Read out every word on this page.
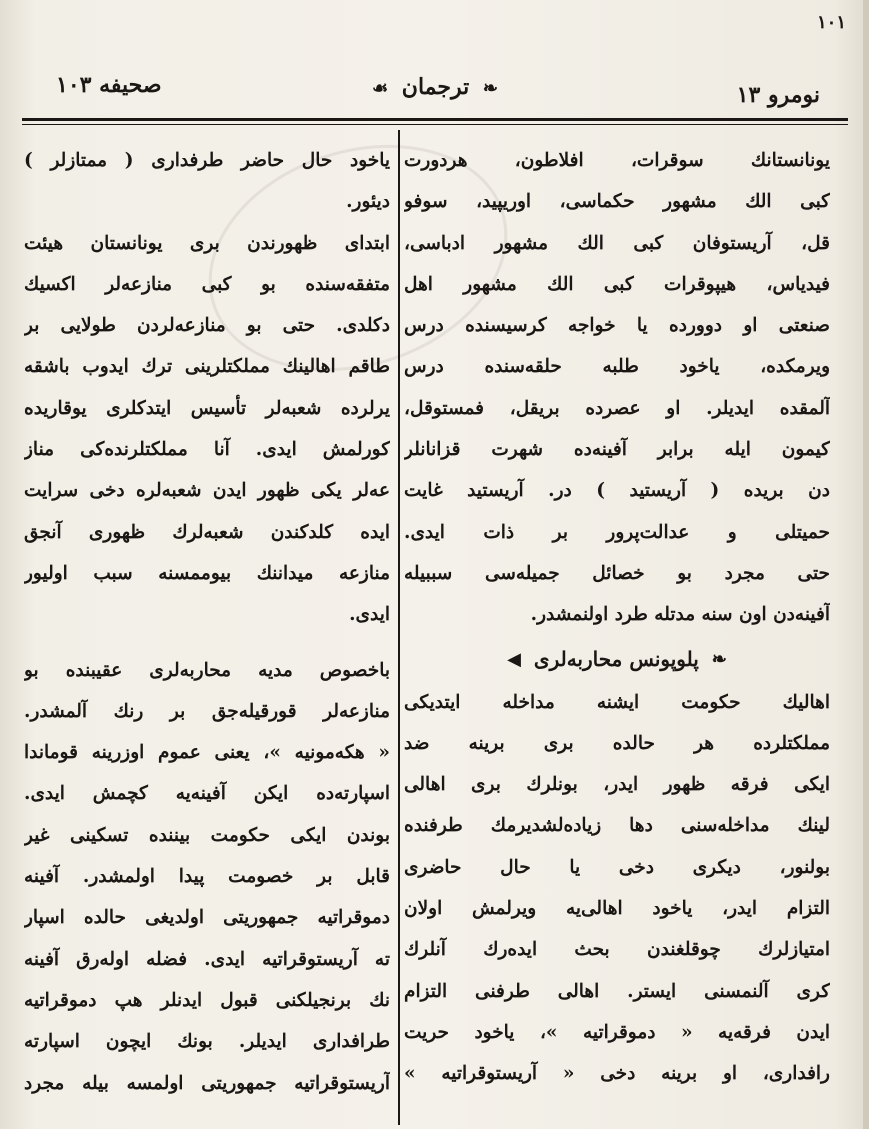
۱۰۱
صحیفه ۱۰۳	❧ ترجمان ☙	نومرو ۱۳
یونانستانك سوقرات، افلاطون، هردورت
كبی الك مشهور حكماسی، اوریپید، سوفو
قل، آریستوفان كبی الك مشهور ادباسی،
فیدیاس، هیپوقرات كبی الك مشهور اهل
صنعتی او دوورده یا خواجه كرسیسنده درس
ویرمكده، یاخود طلبه حلقه‌سنده درس
آلمقده ایدیلر. او عصرده بریقل، فمستوقل،
كیمون ایله برابر آفینه‌ده شهرت قزانانلر
دن بریده ( آریستید ) در. آریستید غایت
حمیتلی و عدالت‌پرور بر ذات ایدی.
حتی مجرد بو خصائل جمیله‌سی سببیله
آفینه‌دن اون سنه مدتله طرد اولنمشدر.
❧ پلوپونس محاربه‌لری ◀
اهالیك حكومت ایشنه مداخله ایتدیكی
مملكتلرده هر حالده بری برینه ضد
ایكی فرقه ظهور ایدر، بونلرك بری اهالی
لینك مداخله‌سنی دها زیاده‌لشدیرمك طرفنده
بولنور، دیكری دخی یا حال حاضری
التزام ایدر، یاخود اهالی‌یه ویرلمش اولان
امتیازلرك چوقلغندن بحث ایده‌رك آنلرك
كری آلنمسنی ایستر. اهالی طرفنی التزام
ایدن فرقه‌یه « دموقراتیه »، یاخود حریت
رافداری، او برینه دخی « آریستوقراتیه »
یاخود حال حاضر طرفداری ( ممتازلر )
دیئور.
ابتدای ظهورندن بری یونانستان هیئت
متفقه‌سنده بو كبی منازعه‌لر اكسیك
دكلدی. حتی بو منازعه‌لردن طولایی بر
طاقم اهالینك مملكتلرینی ترك ایدوب باشقه
یرلرده شعبه‌لر تأسیس ایتدكلری یوقاریده
كورلمش ایدی. آنا مملكتلرنده‌كی مناز
عه‌لر یكی ظهور ایدن شعبه‌لره دخی سرایت
ایده كلدكندن شعبه‌لرك ظهوری آنجق
منازعه میداننك بیوممسنه سبب اولیور
ایدی.
باخصوص مدیه محاربه‌لری عقیبنده بو
منازعه‌لر قورقیله‌جق بر رنك آلمشدر.
« هكه‌مونیه »، یعنی عموم اوزرینه قوماندا
اسپارته‌ده ایكن آفینه‌یه كچمش ایدی.
بوندن ایكی حكومت بیننده تسكینی غیر
قابل بر خصومت پیدا اولمشدر. آفینه
دموقراتیه جمهوریتی اولدیغی حالده اسپار
ته آریستوقراتیه ایدی. فضله اوله‌رق آفینه
نك برنجیلكنی قبول ایدنلر هپ دموقراتیه
طرافداری ایدیلر. بونك ایچون اسپارته
آریستوقراتیه جمهوریتی اولمسه بیله مجرد
